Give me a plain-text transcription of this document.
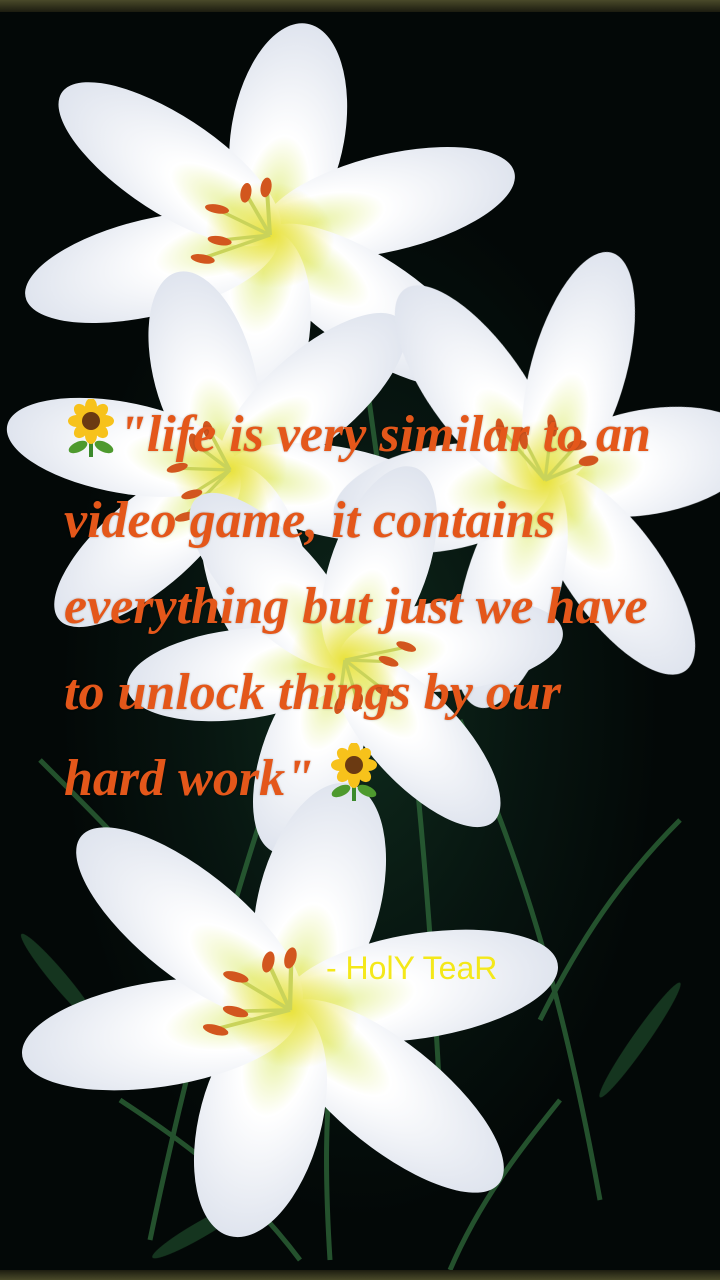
"life is very similar to an video game, it contains everything but just we have to unlock things by our hard work"
- HolY TeaR
